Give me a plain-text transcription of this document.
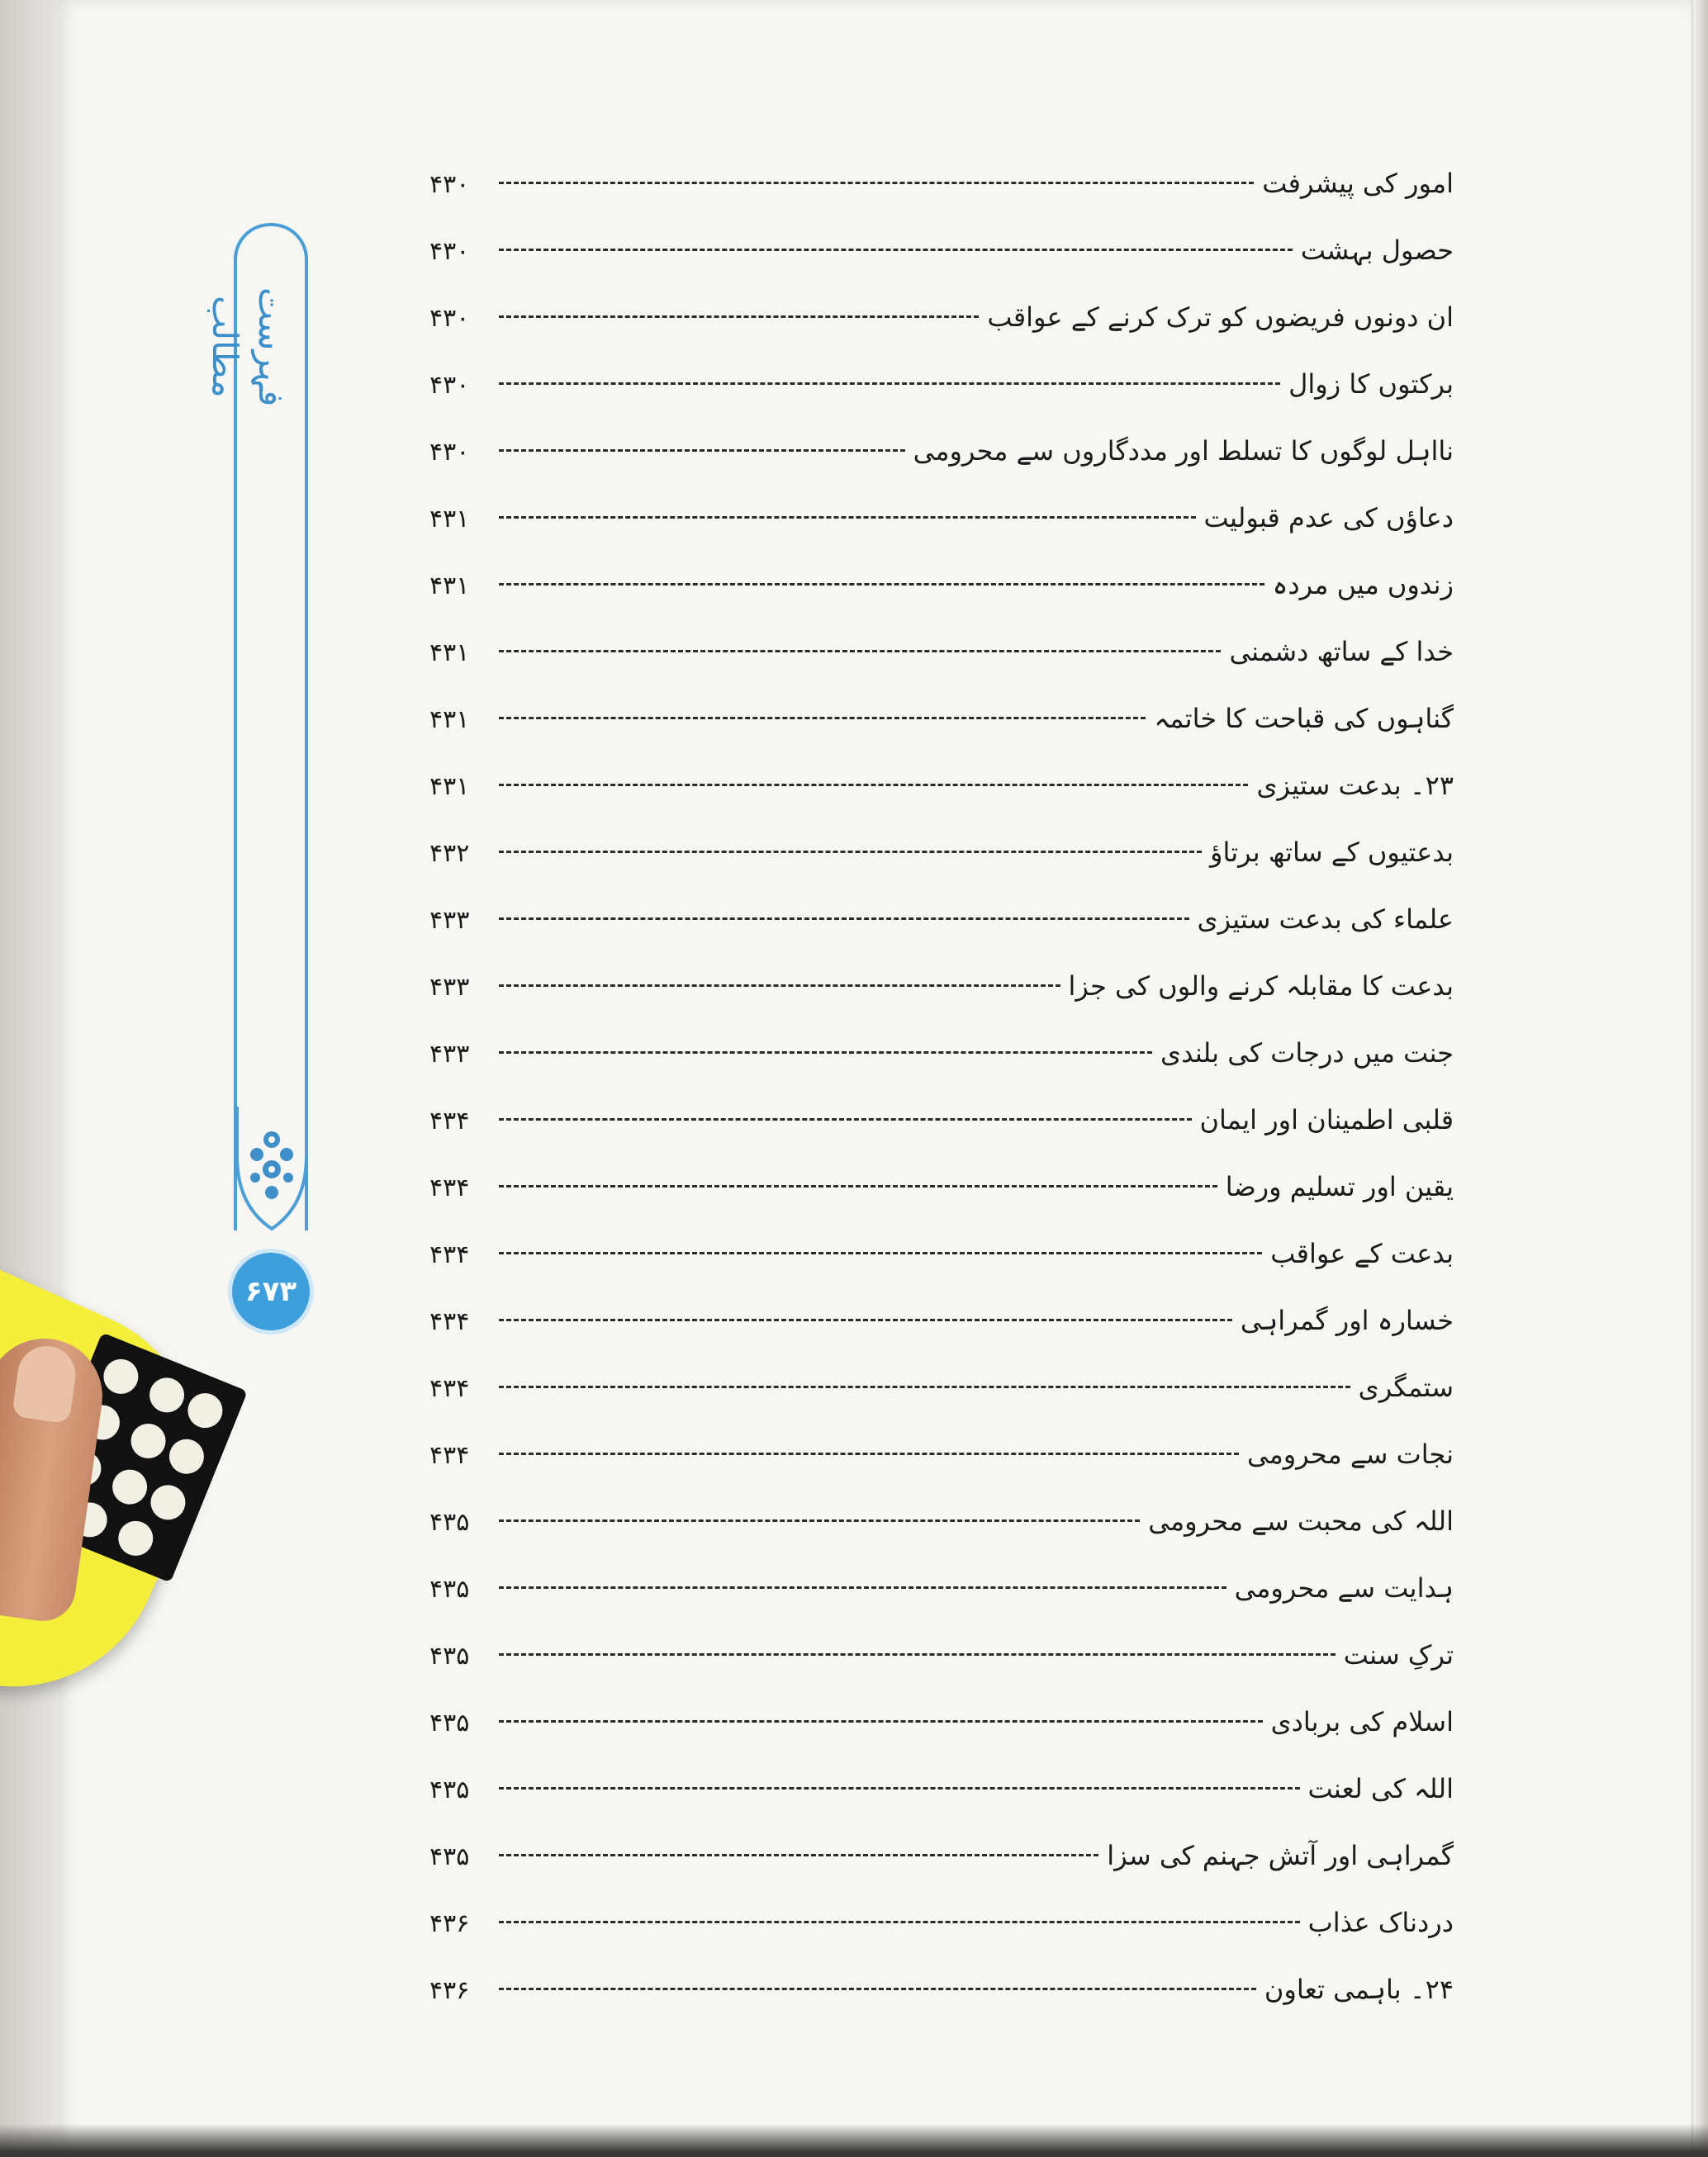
فہرست مطالب
۶۷۳
امور کی پیشرفت
۴۳۰
حصول بہشت
۴۳۰
ان دونوں فریضوں کو ترک کرنے کے عواقب
۴۳۰
برکتوں کا زوال
۴۳۰
نااہل لوگوں کا تسلط اور مددگاروں سے محرومی
۴۳۰
دعاؤں کی عدم قبولیت
۴۳۱
زندوں میں مردہ
۴۳۱
خدا کے ساتھ دشمنی
۴۳۱
گناہوں کی قباحت کا خاتمہ
۴۳۱
۲۳۔ بدعت ستیزی
۴۳۱
بدعتیوں کے ساتھ برتاؤ
۴۳۲
علماء کی بدعت ستیزی
۴۳۳
بدعت کا مقابلہ کرنے والوں کی جزا
۴۳۳
جنت میں درجات کی بلندی
۴۳۳
قلبی اطمینان اور ایمان
۴۳۴
یقین اور تسلیم ورضا
۴۳۴
بدعت کے عواقب
۴۳۴
خسارہ اور گمراہی
۴۳۴
ستمگری
۴۳۴
نجات سے محرومی
۴۳۴
اللہ کی محبت سے محرومی
۴۳۵
ہدایت سے محرومی
۴۳۵
ترکِ سنت
۴۳۵
اسلام کی بربادی
۴۳۵
اللہ کی لعنت
۴۳۵
گمراہی اور آتش جہنم کی سزا
۴۳۵
دردناک عذاب
۴۳۶
۲۴۔ باہمی تعاون
۴۳۶
